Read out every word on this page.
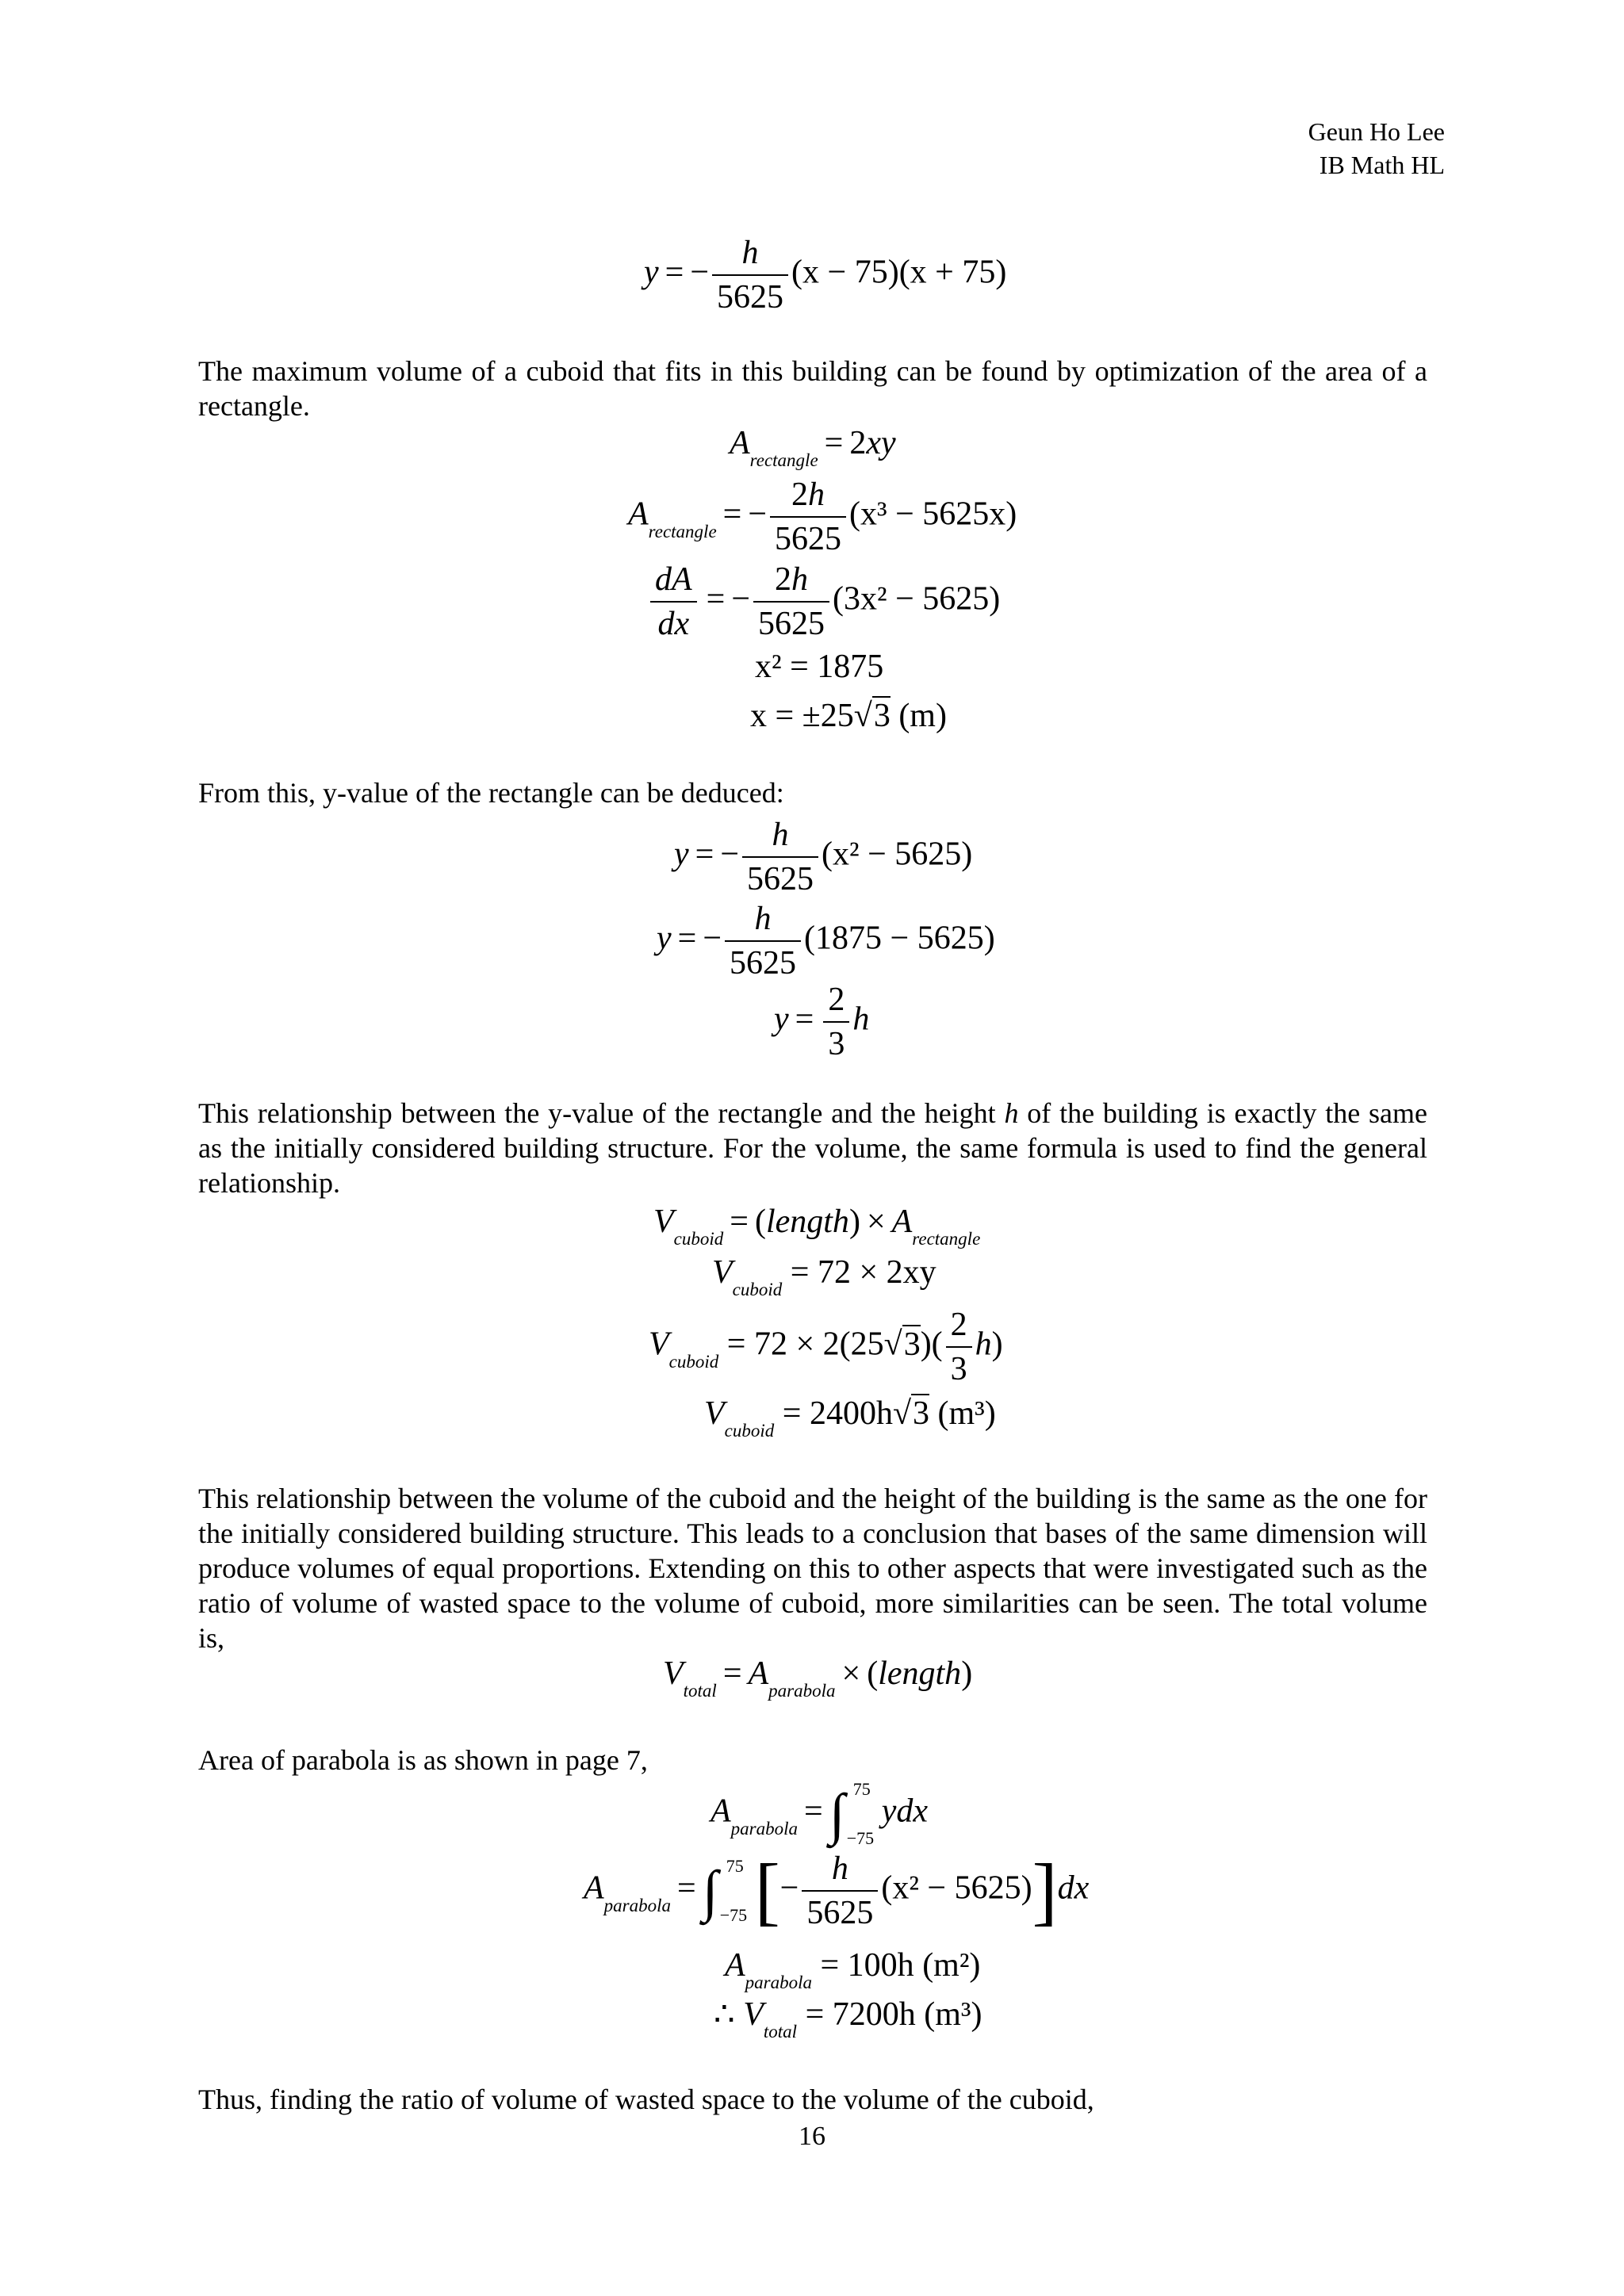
Geun Ho Lee
IB Math HL
y = − $\frac{h}{5625} (x - 75)(x + 75)$
The maximum volume of a cuboid that fits in this building can be found by optimization of the area of a rectangle.
$A_{rectangle} = 2xy$
$A_{rectangle}$ = − $\frac{2h}{5625} (x^3 - 5625x)$
$\frac{dA}{dx}$ = − $\frac{2h}{5625} (3x^2 - 5625)$
x² = 1875
x = ±25√3 (m)
From this, y-value of the rectangle can be deduced:
y = − $\frac{h}{5625} (x^2 - 5625)$
y = − $\frac{h}{5625} (1875 - 5625)$
$y = \frac{2}{3}$ h
This relationship between the y-value of the rectangle and the height h of the building is exactly the same as the initially considered building structure. For the volume, the same formula is used to find the general relationship.
$V_{cuboid}$ = (length) × $A_{rectangle}$
$V_{cuboid} = 72 \times 2xy$
$V_{cuboid} = 72 \times 2(25√3)( \frac{2}{3} h)$
$V_{cuboid} = 2400h√3$ (m³)
This relationship between the volume of the cuboid and the height of the building is the same as the one for the initially considered building structure. This leads to a conclusion that bases of the same dimension will produce volumes of equal proportions. Extending on this to other aspects that were investigated such as the ratio of volume of wasted space to the volume of cuboid, more similarities can be seen. The total volume is,
$V_{total} = A_{parabola}$ × (length)
Area of parabola is as shown in page 7,
$A_{parabola}$ = ∫ 75
−75
ydx
$A_{parabola}$ = ∫ 75
−75 [− $\frac{h}{5625} (x^2 - 5625)]dx$
$A_{parabola} = 100h$ (m²)
∴ $V_{total} = 7200h$ (m³)
Thus, finding the ratio of volume of wasted space to the volume of the cuboid,
16
